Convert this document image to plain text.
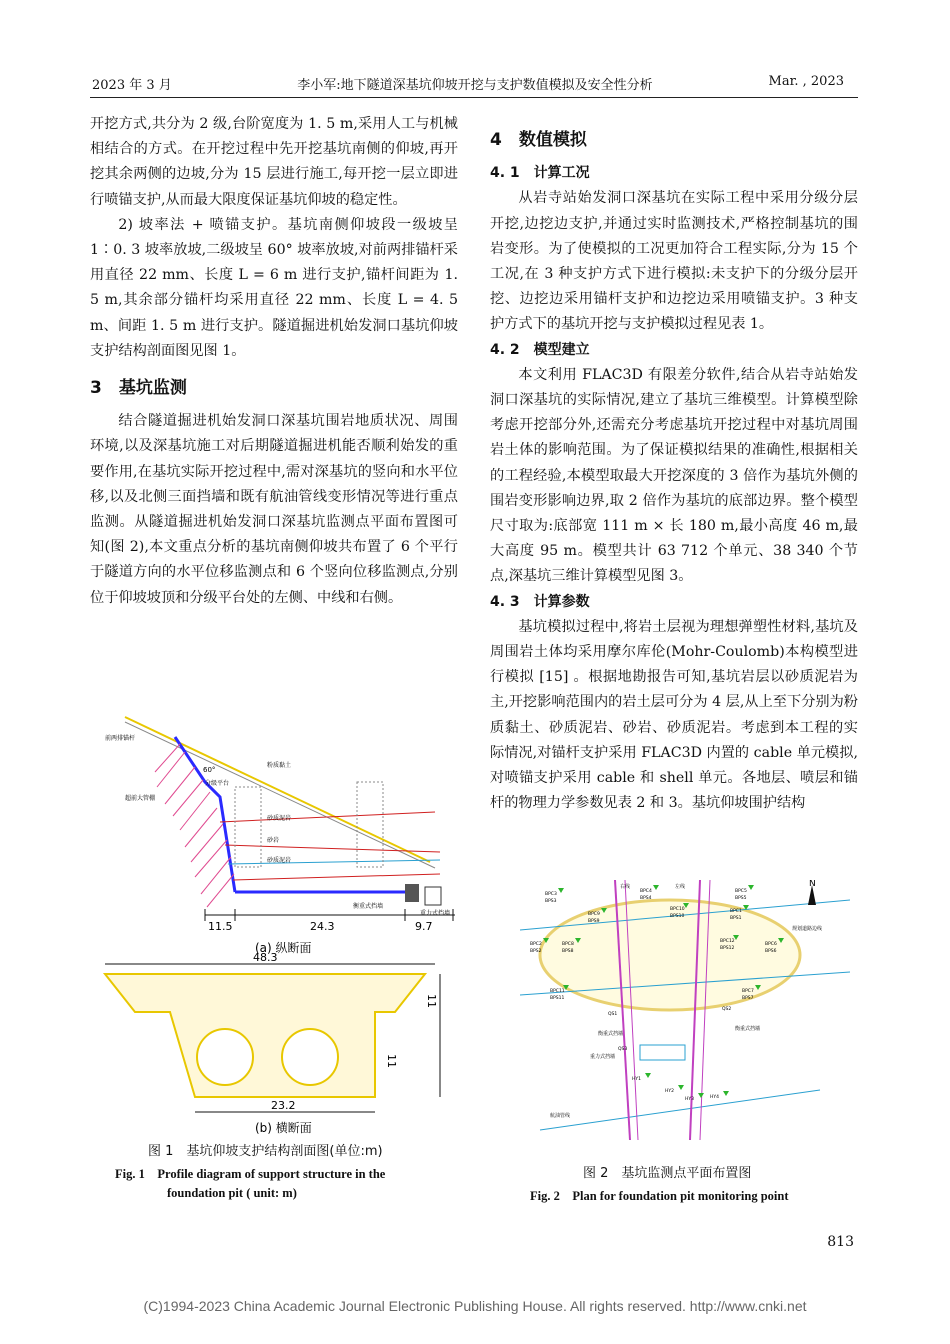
2023 年 3 月	李小军:地下隧道深基坑仰坡开挖与支护数值模拟及安全性分析	Mar. , 2023

开挖方式,共分为 2 级,台阶宽度为 1. 5 m,采用人工与机械相结合的方式。在开挖过程中先开挖基坑南侧的仰坡,再开挖其余两侧的边坡,分为 15 层进行施工,每开挖一层立即进行喷锚支护,从而最大限度保证基坑仰坡的稳定性。

2) 坡率法 + 喷锚支护。基坑南侧仰坡段一级坡呈 1∶0. 3 坡率放坡,二级坡呈 60° 坡率放坡,对前两排锚杆采用直径 22 mm、长度 L = 6 m 进行支护,锚杆间距为 1. 5 m,其余部分锚杆均采用直径 22 mm、长度 L = 4. 5 m、间距 1. 5 m 进行支护。隧道掘进机始发洞口基坑仰坡支护结构剖面图见图 1。

3　基坑监测

结合隧道掘进机始发洞口深基坑围岩地质状况、周围环境,以及深基坑施工对后期隧道掘进机能否顺利始发的重要作用,在基坑实际开挖过程中,需对深基坑的竖向和水平位移,以及北侧三面挡墙和既有航油管线变形情况等进行重点监测。从隧道掘进机始发洞口深基坑监测点平面布置图可知(图 2),本文重点分析的基坑南侧仰坡共布置了 6 个平行于隧道方向的水平位移监测点和 6 个竖向位移监测点,分别位于仰坡坡顶和分级平台处的左侧、中线和右侧。

前两排锚杆
60°
分级平台
超前大管棚
粉质黏土
砂质泥岩
砂岩
砂质泥岩
衡重式挡墙
重力式挡墙
11.5	24.3	9.7
(a) 纵断面
48.3
11
11
23.2
(b) 横断面
图 1　基坑仰坡支护结构剖面图(单位:m)
Fig. 1　Profile diagram of support structure in the
foundation pit ( unit: m)

4　数值模拟

4. 1　计算工况

从岩寺站始发洞口深基坑在实际工程中采用分级分层开挖,边挖边支护,并通过实时监测技术,严格控制基坑的围岩变形。为了使模拟的工况更加符合工程实际,分为 15 个工况,在 3 种支护方式下进行模拟:未支护下的分级分层开挖、边挖边采用锚杆支护和边挖边采用喷锚支护。3 种支护方式下的基坑开挖与支护模拟过程见表 1。

4. 2　模型建立

本文利用 FLAC3D 有限差分软件,结合从岩寺站始发洞口深基坑的实际情况,建立了基坑三维模型。计算模型除考虑开挖部分外,还需充分考虑基坑开挖过程中对基坑周围岩土体的影响范围。为了保证模拟结果的准确性,根据相关的工程经验,本模型取最大开挖深度的 3 倍作为基坑外侧的围岩变形影响边界,取 2 倍作为基坑的底部边界。整个模型尺寸取为:底部宽 111 m × 长 180 m,最小高度 46 m,最大高度 95 m。模型共计 63 712 个单元、38 340 个节点,深基坑三维计算模型见图 3。

4. 3　计算参数

基坑模拟过程中,将岩土层视为理想弹塑性材料,基坑及周围岩土体均采用摩尔库伦(Mohr-Coulomb)本构模型进行模拟 [15] 。根据地勘报告可知,基坑岩层以砂质泥岩为主,开挖影响范围内的岩土层可分为 4 层,从上至下分别为粉质黏土、砂质泥岩、砂岩、砂质泥岩。考虑到本工程的实际情况,对锚杆支护采用 FLAC3D 内置的 cable 单元模拟,对喷锚支护采用 cable 和 shell 单元。各地层、喷层和锚杆的物理力学参数见表 2 和 3。基坑仰坡围护结构

N
右线	左线
规划道路边线
BPC3
BPS3
BPC4
BPS4
BPC10
BPS10
BPC5
BPS5
BPC9
BPS9
BPC1
BPS1
BPC2
BPS2
BPC8
BPS8
BPC12
BPS12
BPC6
BPS6
BPC7
BPS7
BPC11
BPS11
QS1
QS2
QS3
HY1
HY2
HY3	HY4
衡重式挡墙
衡重式挡墙
重力式挡墙
航油管线
图 2　基坑监测点平面布置图
Fig. 2　Plan for foundation pit monitoring point
813
(C)1994-2023 China Academic Journal Electronic Publishing House. All rights reserved. http://www.cnki.net
